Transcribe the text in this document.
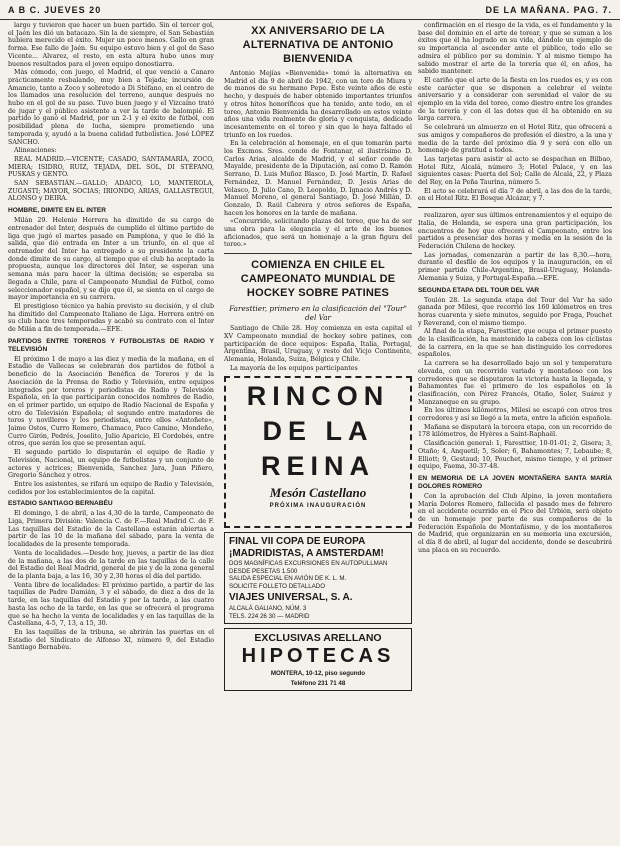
A B C. JUEVES 20	DE LA MAÑANA. PAG. 7.

largo y tuvieron que hacer un buen partido. Sin el tercer gol, el Jaén les dió un batacazo. Sin la de siempre, el San Sebastián hubiera merecido el éxito. Mujer un poco menos. Gallo en gran forma. Ese fallo de Jaén. Su equipo estuvo bien y el gol de Saso Vicente... Alvarez, el resto, en esta altura hubo unos muy buenos resultados para el joven equipo donostiarra.

Más cómodo, con juego, el Madrid, el que venció a Canaro prácticamente resbalando, muy bien a Tejada; incursión de Amancio, tanto a Zoco y sobretodo a Di Stéfano, en el centro de los llamados una resolución del terreno, aunque después no hubo en el gol de su paso. Tuvo buen juego y el Vizcaíno trató de jugar y el público asistente a ver la tarde de balompié. El partido lo ganó el Madrid, por un 2-1 y el éxito de fútbol, con posibilidad plena de lucha, siempre prometiendo una temporada y, ayudó a la buena calidad futbolística. José LÓPEZ SANCHO.

Alineaciones:

REAL MADRID.—VICENTE; CASADO, SANTAMARÍA, ZOCO, MIERA; ISIDRO, RUIZ, TEJADA, DEL SOL, DI STÉFANO, PUSKAS y GENTO.

SAN SEBASTIÁN.—GALLO; ADAICO, LO, MANTEROLA, ZUGASTI; MAYOR, SOCIAS; IRIONDO, ARIAS, GALLASTEGUI, ALONSO y DEIRA.

HOMBRE, DIMITE EN EL INTER

Milán 29. Helenio Herrera ha dimitido de su cargo de entrenador del Inter, después de cumplido el último partido de liga que jugó el martes pasado en Pamplona, y que le dió la salida, que dió entrada en Inter a un triunfo, en el que el entrenador del Inter ha entregado a su presidente la carta donde dimite de su cargo, al tiempo que el club ha aceptado la propuesta, aunque los directores del Inter, se esperan una semana más para hacer la última decisión; se esperaba su llegada a Chile, para el Campeonato Mundial de Fútbol, como seleccionador español, y se dijo que él, se sienta en el cargo de mayor importancia en su carrera.

El prestigioso técnico ya había previsto su decisión, y el club ha dimitido del Campeonato Italiano de Liga. Herrera entró en su club hace tres temporadas y acabó su contrato con el Inter de Milán a fin de temporada.—EFE.

PARTIDOS ENTRE TOREROS Y FUTBOLISTAS DE RADIO Y TELEVISIÓN

El próximo 1 de mayo a las diez y media de la mañana, en el Estadio de Vallecas se celebrarán dos partidos de fútbol a beneficio de la Asociación Benéfica de Toreros y de la Asociación de la Prensa de Radio y Televisión, entre equipos integrados por toreros y periodistas de Radio y Televisión Española, en la que participarán conocidos nombres de Radio, en el primer partido, un equipo de Radio Nacional de España y otro de Televisión Española; el segundo entre matadores de toros y novilleros y los periodistas, entre ellos «Antoñete», Jaime Ostos, Curro Romero, Chamaco, Paco Camino, Mondeño, Curro Girón, Pedrés, Joselito, Julio Aparicio, El Cordobés, entre otros, que serán los que se presentan aquí.

El segundo partido lo disputarán el equipo de Radio y Televisión, Nacional, un equipo de futbolistas y un conjunto de actores y actrices; Bienvenida, Sanchez Jara, Juan Piñero, Gregorio Sánchez y otros.

Entre los asistentes, se rifará un equipo de Radio y Televisión, cedidos por los establecimientos de la capital.

ESTADIO SANTIAGO BERNABÉU

El domingo, 1 de abril, a las 4,30 de la tarde, Campeonato de Liga, Primera División: Valencia C. de F.—Real Madrid C. de F. Las taquillas del Estadio de la Castellana estarán abiertas a partir de las 10 de la mañana del sábado, para la venta de localidades de la presente temporada.

Venta de localidades.—Desde hoy, jueves, a partir de las diez de la mañana, a las dos de la tarde en las taquillas de la calle del Estadio del Real Madrid, general de pie y de la zona general de la planta baja, a las 16, 30 y 2,30 horas el día del partido.

Venta libre de localidades: El próximo partido, a partir de las taquillas de Padre Damián, 3 y el sábado, de diez a dos de la tarde, en las taquillas del Estadio y por la tarde, a las cuatro hasta las ocho de la tarde, en las que se ofrecerá el programa que se ha hecho la venta de localidades y en las taquillas de la Castellana, 4-5, 7, 13, a 15, 30.

En las taquillas de la tribuna, se abrirán las puertas en el Estadio del Sindicato de Alfonso XI, número 9, del Estadio Santiago Bernabéu.

XX ANIVERSARIO DE LA ALTERNATIVA DE ANTONIO BIENVENIDA

Antonio Mejías «Bienvenida» tomó la alternativa en Madrid el día 9 de abril de 1942, con un toro de Miura y de manos de su hermano Pepe. Este veinte años de este hecho, y después de haber obtenido importantes triunfos y otros hitos honoríficos que ha tenido, ante todo, en el toreo, Antonio Bienvenida ha desarrollado en estos veinte años una vida realmente de gloria y conquista, dedicado incesantemente en el toreo y sin que le haya faltado el triunfo en los ruedos.

En la celebración al homenaje, en el que tomarán parte los Excmos. Sres. conde de Fontanar, el ilustrísimo D. Carlos Arias, alcalde de Madrid, y el señor conde de Mayalde, presidente de la Diputación, así como D. Ramón Serrano, D. Luis Muñoz Blasco, D. José Martín, D. Rafael Fernández, D. Manuel Fernández, D. Jesús Arias de Velasco, D. Julio Cano, D. Leopoldo, D. Ignacio Andrés y D. Manuel Moreno, el general Santiago, D. José Millán, D. Gonzalo, D. Raúl Cabrera y otros señores de España, hacen los honores en la tarde de mañana.

«Concurrido, solicitando plazas del toreo, que ha de ser una obra para la elegancia y el arte de los buenos aficionados, que será un homenaje a la gran figura del toreo.»

COMIENZA EN CHILE EL CAMPEONATO MUNDIAL DE HOCKEY SOBRE PATINES
Faresttier, primero en la clasificación del "Tour" del Var

Santiago de Chile 28. Hoy comienza en esta capital el XV Campeonato mundial de hockey sobre patines, con participación de doce equipos: España, Italia, Portugal, Argentina, Brasil, Uruguay, y resto del Vicjo Continente, Alemania, Holanda, Suiza, Bélgica y Chile.

La mayoría de los equipos participantes

RINCON
DE LA
REINA
Mesón Castellano
PRÓXIMA INAUGURACIÓN
FINAL VII COPA DE EUROPA
¡MADRIDISTAS, A AMSTERDAM!
DOS MAGNÍFICAS EXCURSIONES EN AUTOPULLMAN DESDE PESETAS 1.500
SALIDA ESPECIAL EN AVIÓN DE K. L. M.
SOLICITE FOLLETO DETALLADO
VIAJES UNIVERSAL, S. A.
ALCALÁ GALIANO, NÚM. 3
TELS. 224 26 30 — MADRID
EXCLUSIVAS ARELLANO
HIPOTECAS
MONTERA, 10-12, piso segundo
Teléfono 231 71 48

confirmación en el riesgo de la vida, es el fundamento y la base del dominio en el arte de torear, y que se suman a los éxitos que él ha logrado en su vida, dándole un ejemplo de su importancia al ascender ante el público, todo ello se admira el público por su dominio. Y al mismo tiempo ha sabido mostrar el arte de la torería que él, en años, ha sabido mantener.

El cariño que el arte de la fiesta en los ruedos es, y es con este carácter que se disponen a celebrar el veinte aniversario y a considerar con serenidad el valor de su ejemplo en la vida del toreo, como diestro entre los grandes de la torería y con él las dotes que él ha obtenido en su larga carrera.

Se celebrará un almuerzo en el Hotel Ritz, que ofrecerá a sus amigos y compañeros de profesión el diestro, a la una y media de la tarde del próximo día 9 y será con ello un homenaje de gratitud a todos.

Las tarjetas para asistir al acto se despachan en Bilbao, Hotel Ritz, Alcalá, número 3; Hotel Palace, y en las siguientes casas: Puerta del Sol; Calle de Alcalá, 22, y Plaza del Rey, en la Peña Taurina, número 5.

El acto se celebrará el día 7 de abril, a las dos de la tarde, en el Hotel Ritz. El Bosque Alcázar, y 7.

realizaron, ayer sus últimos entrenamientos y el equipo de Italia, de Holanda, se espera una gran participación, los encuentros de hoy que ofrecerá el Campeonato, entre los partidos a presenciar dos horas y media en la sesión de la Federación Chilena de hockey.

Las jornadas, comenzarán a partir de las 8,30.—hora, durante el desfile de los equipos y la inauguración, en el primer partido Chile-Argentina, Brasil-Uruguay, Holanda-Alemania y Suiza, y Portugal-España.—EFE.

SEGUNDA ETAPA DEL TOUR DEL VAR

Toulón 28. La segunda etapa del Tour del Var ha sido ganada por Milesi, que recorrió los 160 kilómetros en tres horas cuarenta y siete minutos, seguido por Fraga, Pouchet y Reverand, con el mismo tiempo.

Al final de la etapa, Faresttier, que ocupa el primer puesto de la clasificación, ha mantenido la cabeza con los ciclistas de la carrera, en la que se han distinguido los corredores españoles.

La carrera se ha desarrollado bajo un sol y temperatura elevada, con un recorrido variado y montañoso con los corredores que se disputaron la victoria hasta la llegada, y Bahamontes fue el primero de los españoles en la clasificación, con Pérez Francés, Otaño, Soler, Suárez y Manzaneque en su grupo.

En los últimos kilómetros, Milesi se escapó con otros tres corredores y así se llegó a la meta, entre la afición española.

Mañana se disputará la tercera etapa, con un recorrido de 178 kilómetros, de Hyères a Saint-Raphaël.

Clasificación general: 1, Faresttier, 10-01-01; 2, Gisera; 3, Otaño; 4, Anquetil; 5, Soler; 6, Bahamontes; 7, Lebaube; 8, Elliott; 9, Gestaud; 10, Pouchet, mismo tiempo, y el primer equipo, Faema, 30-37-48.

EN MEMORIA DE LA JOVEN MONTAÑERA SANTA MARÍA DOLORES ROMERO

Con la aprobación del Club Alpino, la joven montañera María Dolores Romero, fallecida el pasado mes de febrero en el accidente ocurrido en el Pico del Urbión, será objeto de un homenaje por parte de sus compañeros de la Federación Española de Montañismo, y de los montañeros de Madrid, que organizarán en su memoria una excursión, el día 8 de abril, al lugar del accidente, donde se descubrirá una placa en su recuerdo.
